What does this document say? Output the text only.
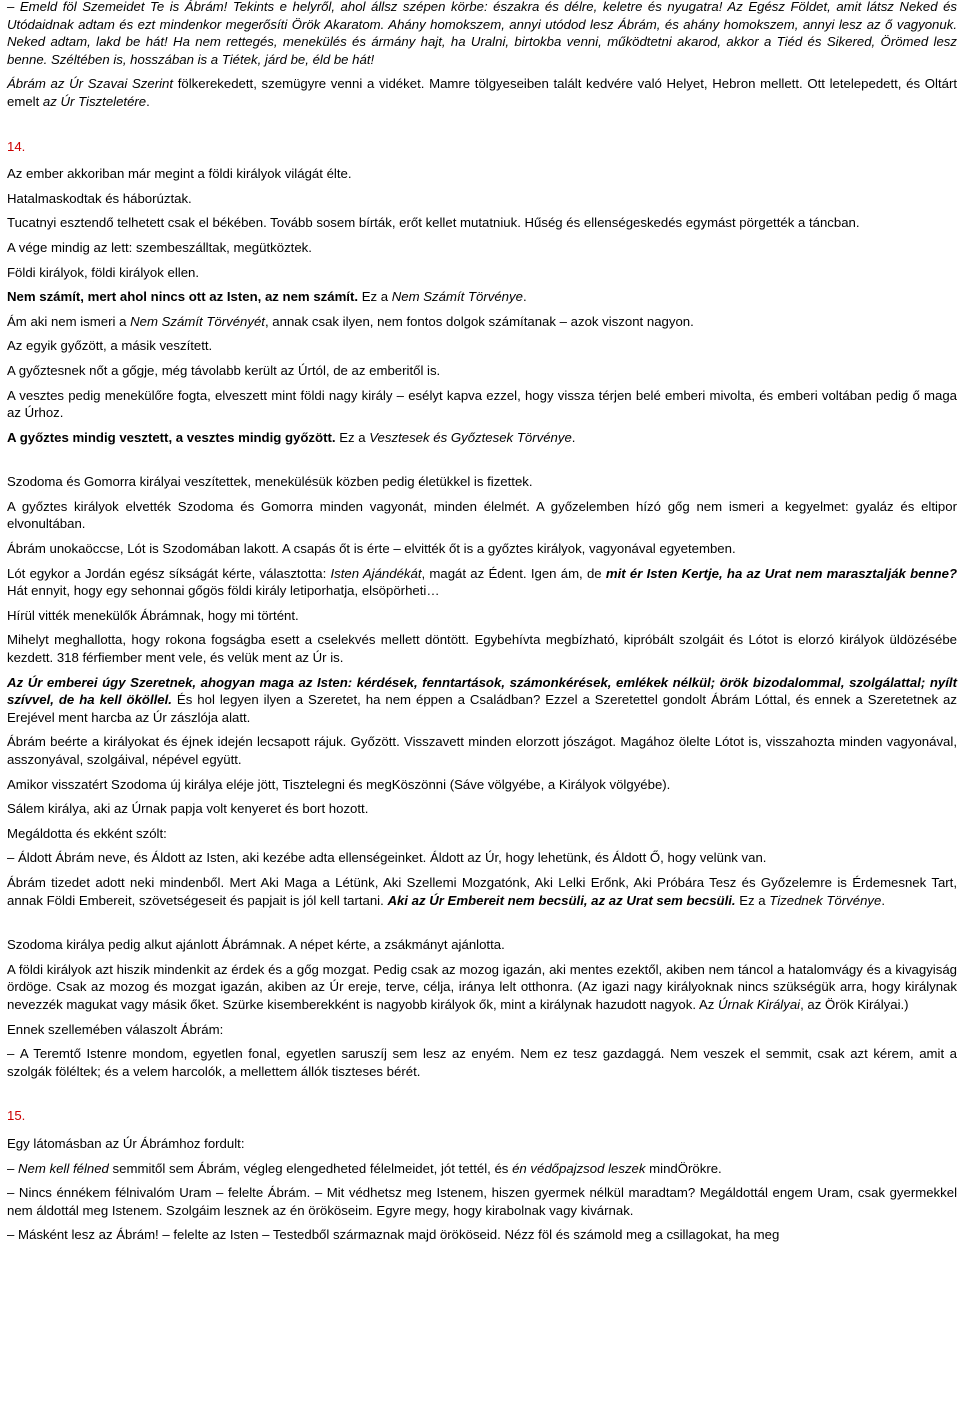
– Emeld föl Szemeidet Te is Ábrám! Tekints e helyről, ahol állsz szépen körbe: északra és délre, keletre és nyugatra! Az Egész Földet, amit látsz Neked és Utódaidnak adtam és ezt mindenkor megerősíti Örök Akaratom. Ahány homokszem, annyi utódod lesz Ábrám, és ahány homokszem, annyi lesz az ő vagyonuk. Neked adtam, lakd be hát! Ha nem rettegés, menekülés és ármány hajt, ha Uralni, birtokba venni, működtetni akarod, akkor a Tiéd és Sikered, Örömed lesz benne. Széltében is, hosszában is a Tiétek, járd be, éld be hát!

Ábrám az Úr Szavai Szerint fölkerekedett, szemügyre venni a vidéket. Mamre tölgyeseiben talált kedvére való Helyet, Hebron mellett. Ott letelepedett, és Oltárt emelt az Úr Tiszteletére.

14.

Az ember akkoriban már megint a földi királyok világát élte.

Hatalmaskodtak és háborúztak.

Tucatnyi esztendő telhetett csak el békében. Tovább sosem bírták, erőt kellet mutatniuk. Hűség és ellenségeskedés egymást pörgették a táncban.

A vége mindig az lett: szembeszálltak, megütköztek.

Földi királyok, földi királyok ellen.

Nem számít, mert ahol nincs ott az Isten, az nem számít. Ez a Nem Számít Törvénye.

Ám aki nem ismeri a Nem Számít Törvényét, annak csak ilyen, nem fontos dolgok számítanak – azok viszont nagyon.

Az egyik győzött, a másik veszített.

A győztesnek nőt a gőgje, még távolabb került az Úrtól, de az emberitől is.

A vesztes pedig menekülőre fogta, elveszett mint földi nagy király – esélyt kapva ezzel, hogy vissza térjen belé emberi mivolta, és emberi voltában pedig ő maga az Úrhoz.

A győztes mindig vesztett, a vesztes mindig győzött. Ez a Vesztesek és Győztesek Törvénye.

Szodoma és Gomorra királyai veszítettek, menekülésük közben pedig életükkel is fizettek.

A győztes királyok elvették Szodoma és Gomorra minden vagyonát, minden élelmét. A győzelemben hízó gőg nem ismeri a kegyelmet: gyaláz és eltipor elvonultában.

Ábrám unokaöccse, Lót is Szodomában lakott. A csapás őt is érte – elvitték őt is a győztes királyok, vagyonával egyetemben.

Lót egykor a Jordán egész síkságát kérte, választotta: Isten Ajándékát, magát az Édent. Igen ám, de mit ér Isten Kertje, ha az Urat nem marasztalják benne? Hát ennyit, hogy egy sehonnai gőgös földi király letiporhatja, elsöpörheti…

Hírül vitték menekülők Ábrámnak, hogy mi történt.

Mihelyt meghallotta, hogy rokona fogságba esett a cselekvés mellett döntött. Egybehívta megbízható, kipróbált szolgáit és Lótot is elorzó királyok üldözésébe kezdett. 318 férfiember ment vele, és velük ment az Úr is.

Az Úr emberei úgy Szeretnek, ahogyan maga az Isten: kérdések, fenntartások, számonkérések, emlékek nélkül; örök bizodalommal, szolgálattal; nyílt szívvel, de ha kell ököllel. És hol legyen ilyen a Szeretet, ha nem éppen a Családban? Ezzel a Szeretettel gondolt Ábrám Lóttal, és ennek a Szeretetnek az Erejével ment harcba az Úr zászlója alatt.

Ábrám beérte a királyokat és éjnek idején lecsapott rájuk. Győzött. Visszavett minden elorzott jószágot. Magához ölelte Lótot is, visszahozta minden vagyonával, asszonyával, szolgáival, népével együtt.

Amikor visszatért Szodoma új királya eléje jött, Tisztelegni és megKöszönni (Sáve völgyébe, a Királyok völgyébe).

Sálem királya, aki az Úrnak papja volt kenyeret és bort hozott.

Megáldotta és ekként szólt:

– Áldott Ábrám neve, és Áldott az Isten, aki kezébe adta ellenségeinket. Áldott az Úr, hogy lehetünk, és Áldott Ő, hogy velünk van.

Ábrám tizedet adott neki mindenből. Mert Aki Maga a Létünk, Aki Szellemi Mozgatónk, Aki Lelki Erőnk, Aki Próbára Tesz és Győzelemre is Érdemesnek Tart, annak Földi Embereit, szövetségeseit és papjait is jól kell tartani. Aki az Úr Embereit nem becsüli, az az Urat sem becsüli. Ez a Tizednek Törvénye.

Szodoma királya pedig alkut ajánlott Ábrámnak. A népet kérte, a zsákmányt ajánlotta.

A földi királyok azt hiszik mindenkit az érdek és a gőg mozgat. Pedig csak az mozog igazán, aki mentes ezektől, akiben nem táncol a hatalomvágy és a kivagyiság ördöge. Csak az mozog és mozgat igazán, akiben az Úr ereje, terve, célja, iránya lelt otthonra. (Az igazi nagy királyoknak nincs szükségük arra, hogy királynak nevezzék magukat vagy másik őket. Szürke kisemberekként is nagyobb királyok ők, mint a királynak hazudott nagyok. Az Úrnak Királyai, az Örök Királyai.)

Ennek szellemében válaszolt Ábrám:

– A Teremtő Istenre mondom, egyetlen fonal, egyetlen saruszíj sem lesz az enyém. Nem ez tesz gazdaggá. Nem veszek el semmit, csak azt kérem, amit a szolgák föléltek; és a velem harcolók, a mellettem állók tiszteses bérét.

15.

Egy látomásban az Úr Ábrámhoz fordult:

– Nem kell félned semmitől sem Ábrám, végleg elengedheted félelmeidet, jót tettél, és én védőpajzsod leszek mindÖrökre.

– Nincs énnékem félnivalóm Uram – felelte Ábrám. – Mit védhetsz meg Istenem, hiszen gyermek nélkül maradtam? Megáldottál engem Uram, csak gyermekkel nem áldottál meg Istenem. Szolgáim lesznek az én örököseim. Egyre megy, hogy kirabolnak vagy kivárnak.

– Másként lesz az Ábrám! – felelte az Isten – Testedből származnak majd örököseid. Nézz föl és számold meg a csillagokat, ha meg
